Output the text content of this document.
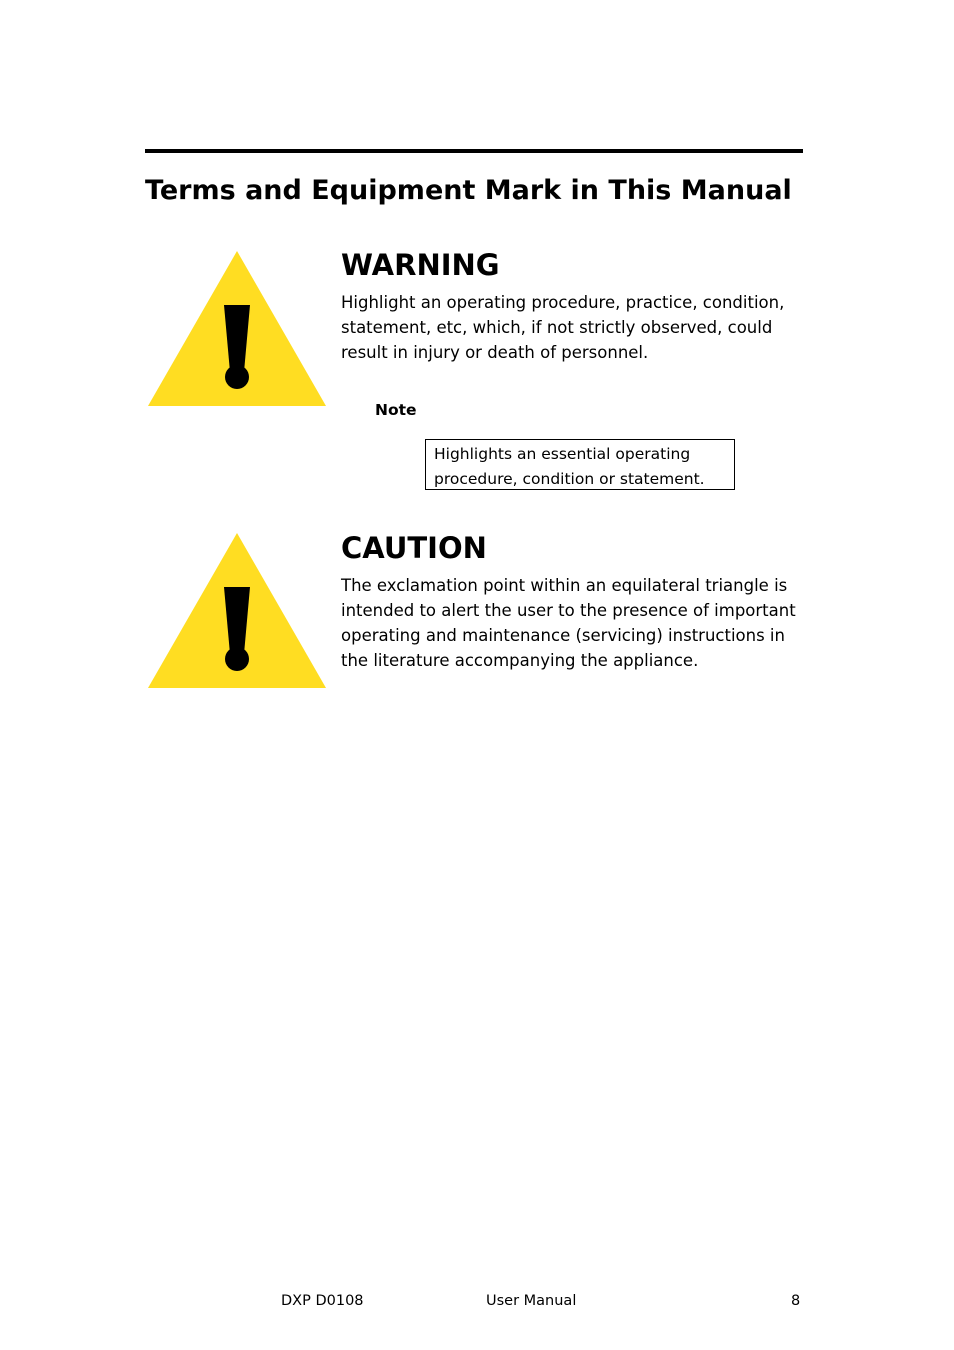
Terms and Equipment Mark in This Manual
WARNING

Highlight an operating procedure, practice, condition, statement, etc, which, if not strictly observed, could result in injury or death of personnel.

Note
Highlights an essential operating procedure, condition or statement.
CAUTION

The exclamation point within an equilateral triangle is intended to alert the user to the presence of important operating and maintenance (servicing) instructions in the literature accompanying the appliance.

DXP D0108	User Manual	8
